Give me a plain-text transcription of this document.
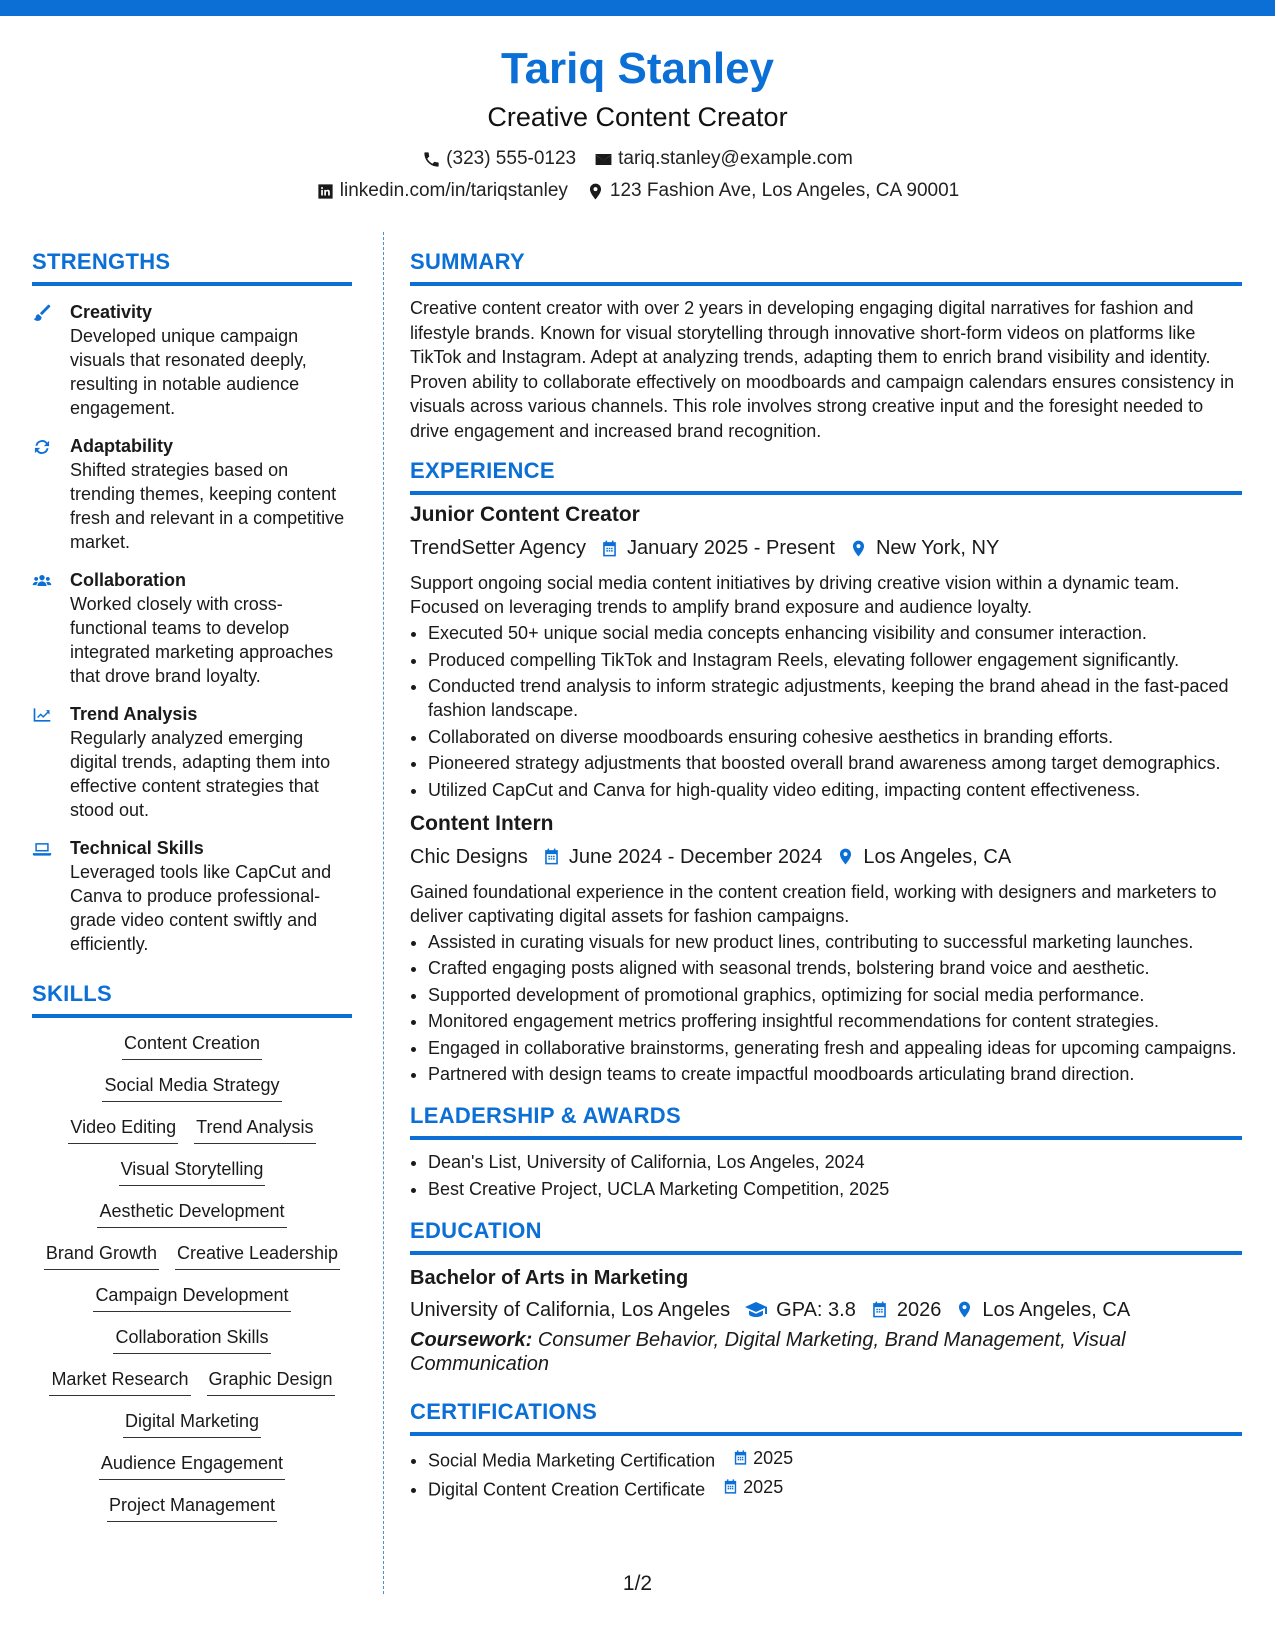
Tariq Stanley
Creative Content Creator
(323) 555-0123 tariq.stanley@example.com
linkedin.com/in/tariqstanley 123 Fashion Ave, Los Angeles, CA 90001
STRENGTHS
Creativity
Developed unique campaign visuals that resonated deeply, resulting in notable audience engagement.
Adaptability
Shifted strategies based on trending themes, keeping content fresh and relevant in a competitive market.
Collaboration
Worked closely with cross-functional teams to develop integrated marketing approaches that drove brand loyalty.
Trend Analysis
Regularly analyzed emerging digital trends, adapting them into effective content strategies that stood out.
Technical Skills
Leveraged tools like CapCut and Canva to produce professional-grade video content swiftly and efficiently.
SKILLS
Content Creation
Social Media Strategy
Video Editing Trend Analysis
Visual Storytelling
Aesthetic Development
Brand Growth Creative Leadership
Campaign Development
Collaboration Skills
Market Research Graphic Design
Digital Marketing
Audience Engagement
Project Management
SUMMARY
Creative content creator with over 2 years in developing engaging digital narratives for fashion and lifestyle brands. Known for visual storytelling through innovative short-form videos on platforms like TikTok and Instagram. Adept at analyzing trends, adapting them to enrich brand visibility and identity. Proven ability to collaborate effectively on moodboards and campaign calendars ensures consistency in visuals across various channels. This role involves strong creative input and the foresight needed to drive engagement and increased brand recognition.
EXPERIENCE
Junior Content Creator
TrendSetter Agency January 2025 - Present New York, NY
Support ongoing social media content initiatives by driving creative vision within a dynamic team. Focused on leveraging trends to amplify brand exposure and audience loyalty.
• Executed 50+ unique social media concepts enhancing visibility and consumer interaction.
• Produced compelling TikTok and Instagram Reels, elevating follower engagement significantly.
• Conducted trend analysis to inform strategic adjustments, keeping the brand ahead in the fast-paced fashion landscape.
• Collaborated on diverse moodboards ensuring cohesive aesthetics in branding efforts.
• Pioneered strategy adjustments that boosted overall brand awareness among target demographics.
• Utilized CapCut and Canva for high-quality video editing, impacting content effectiveness.
Content Intern
Chic Designs June 2024 - December 2024 Los Angeles, CA
Gained foundational experience in the content creation field, working with designers and marketers to deliver captivating digital assets for fashion campaigns.
• Assisted in curating visuals for new product lines, contributing to successful marketing launches.
• Crafted engaging posts aligned with seasonal trends, bolstering brand voice and aesthetic.
• Supported development of promotional graphics, optimizing for social media performance.
• Monitored engagement metrics proffering insightful recommendations for content strategies.
• Engaged in collaborative brainstorms, generating fresh and appealing ideas for upcoming campaigns.
• Partnered with design teams to create impactful moodboards articulating brand direction.
LEADERSHIP & AWARDS
• Dean's List, University of California, Los Angeles, 2024
• Best Creative Project, UCLA Marketing Competition, 2025
EDUCATION
Bachelor of Arts in Marketing
University of California, Los Angeles GPA: 3.8 2026 Los Angeles, CA
Coursework: Consumer Behavior, Digital Marketing, Brand Management, Visual Communication
CERTIFICATIONS
• Social Media Marketing Certification 2025
• Digital Content Creation Certificate 2025
1/2
